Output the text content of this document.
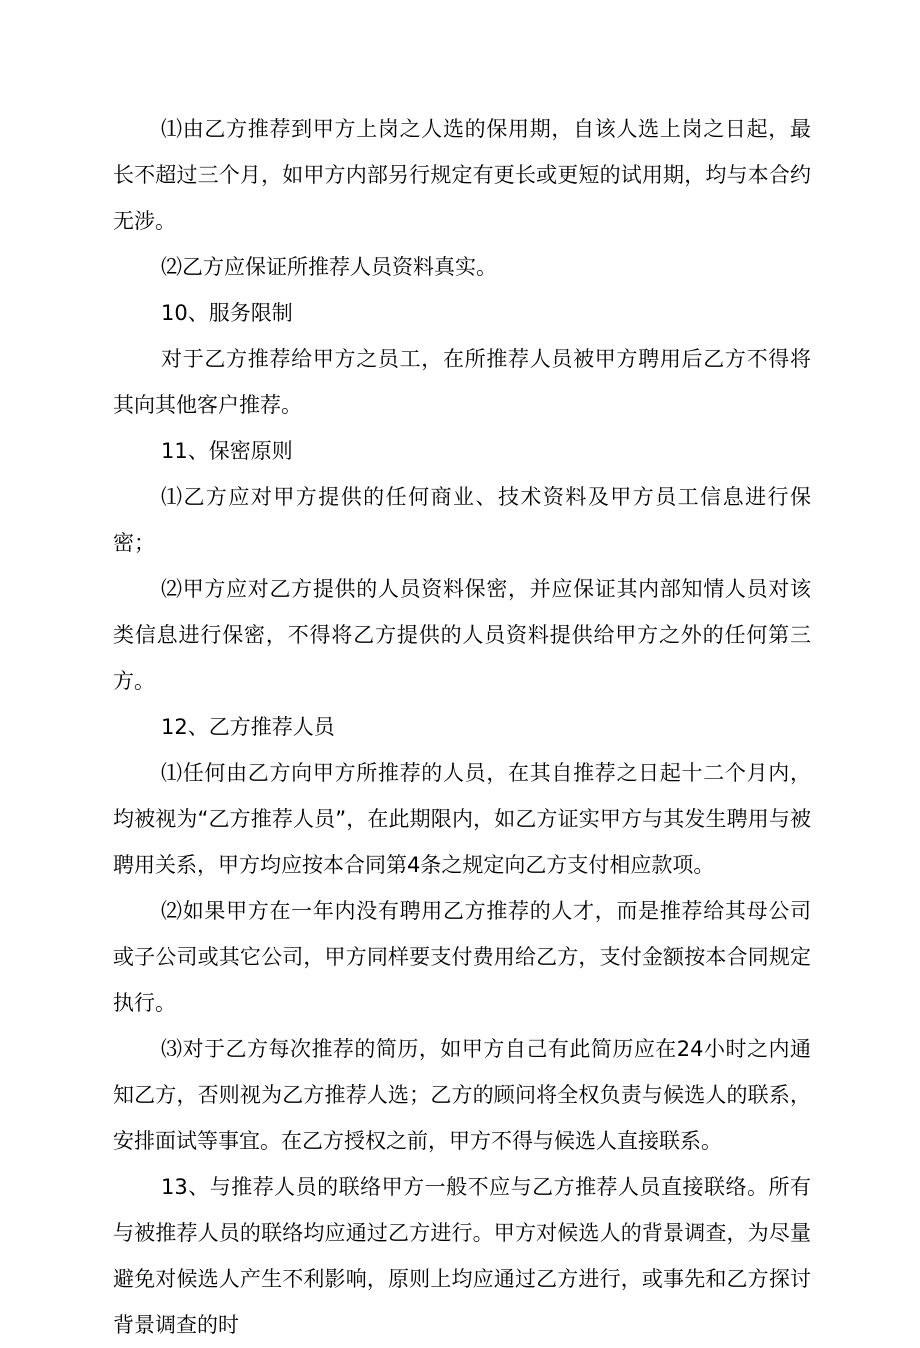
⑴由乙方推荐到甲方上岗之人选的保用期，自该人选上岗之日起，最长不超过三个月，如甲方内部另行规定有更长或更短的试用期，均与本合约无涉。

⑵乙方应保证所推荐人员资料真实。

10、服务限制

对于乙方推荐给甲方之员工，在所推荐人员被甲方聘用后乙方不得将其向其他客户推荐。

11、保密原则

⑴乙方应对甲方提供的任何商业、技术资料及甲方员工信息进行保密；

⑵甲方应对乙方提供的人员资料保密，并应保证其内部知情人员对该类信息进行保密，不得将乙方提供的人员资料提供给甲方之外的任何第三方。

12、乙方推荐人员

⑴任何由乙方向甲方所推荐的人员，在其自推荐之日起十二个月内，均被视为“乙方推荐人员”，在此期限内，如乙方证实甲方与其发生聘用与被聘用关系，甲方均应按本合同第4条之规定向乙方支付相应款项。

⑵如果甲方在一年内没有聘用乙方推荐的人才，而是推荐给其母公司或子公司或其它公司，甲方同样要支付费用给乙方，支付金额按本合同规定执行。

⑶对于乙方每次推荐的简历，如甲方自己有此简历应在24小时之内通知乙方，否则视为乙方推荐人选；乙方的顾问将全权负责与候选人的联系，安排面试等事宜。在乙方授权之前，甲方不得与候选人直接联系。

13、与推荐人员的联络甲方一般不应与乙方推荐人员直接联络。所有与被推荐人员的联络均应通过乙方进行。甲方对候选人的背景调查，为尽量避免对候选人产生不利影响，原则上均应通过乙方进行，或事先和乙方探讨背景调查的时
